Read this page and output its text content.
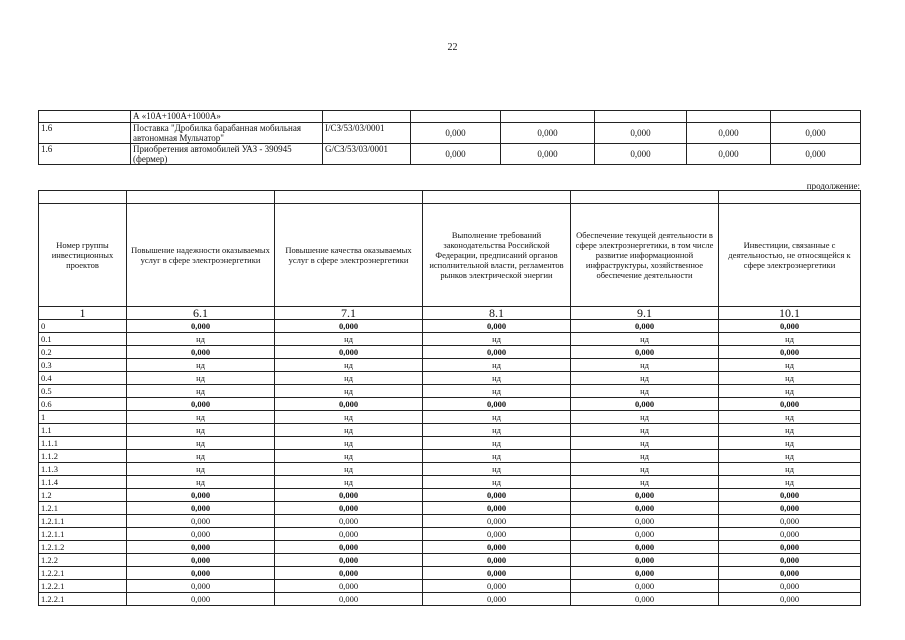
22
	А «10А+100А+1000А»						
1.6	Поставка "Дробилка барабанная мобильная автономная Мульчатор"	I/СЗ/53/03/0001	0,000	0,000	0,000	0,000	0,000
1.6	Приобретения автомобилей УАЗ - 390945 (фермер)	G/СЗ/53/03/0001	0,000	0,000	0,000	0,000	0,000
продолжение:

Номер группы инвестиционных проектов	Повышение надежности оказываемых услуг в сфере электроэнергетики	Повышение качества оказываемых услуг в сфере электроэнергетики	Выполнение требований законодательства Российской Федерации, предписаний органов исполнительной власти, регламентов рынков электрической энергии	Обеспечение текущей деятельности в сфере электроэнергетики, в том числе развитие информационной инфраструктуры, хозяйственное обеспечение деятельности	Инвестиции, связанные с деятельностью, не относящейся к сфере электроэнергетики
1	6.1	7.1	8.1	9.1	10.1
0	0,000	0,000	0,000	0,000	0,000
0.1	нд	нд	нд	нд	нд
0.2	0,000	0,000	0,000	0,000	0,000
0.3	нд	нд	нд	нд	нд
0.4	нд	нд	нд	нд	нд
0.5	нд	нд	нд	нд	нд
0.6	0,000	0,000	0,000	0,000	0,000
1	нд	нд	нд	нд	нд
1.1	нд	нд	нд	нд	нд
1.1.1	нд	нд	нд	нд	нд
1.1.2	нд	нд	нд	нд	нд
1.1.3	нд	нд	нд	нд	нд
1.1.4	нд	нд	нд	нд	нд
1.2	0,000	0,000	0,000	0,000	0,000
1.2.1	0,000	0,000	0,000	0,000	0,000
1.2.1.1	0,000	0,000	0,000	0,000	0,000
1.2.1.1	0,000	0,000	0,000	0,000	0,000
1.2.1.2	0,000	0,000	0,000	0,000	0,000
1.2.2	0,000	0,000	0,000	0,000	0,000
1.2.2.1	0,000	0,000	0,000	0,000	0,000
1.2.2.1	0,000	0,000	0,000	0,000	0,000
1.2.2.1	0,000	0,000	0,000	0,000	0,000
